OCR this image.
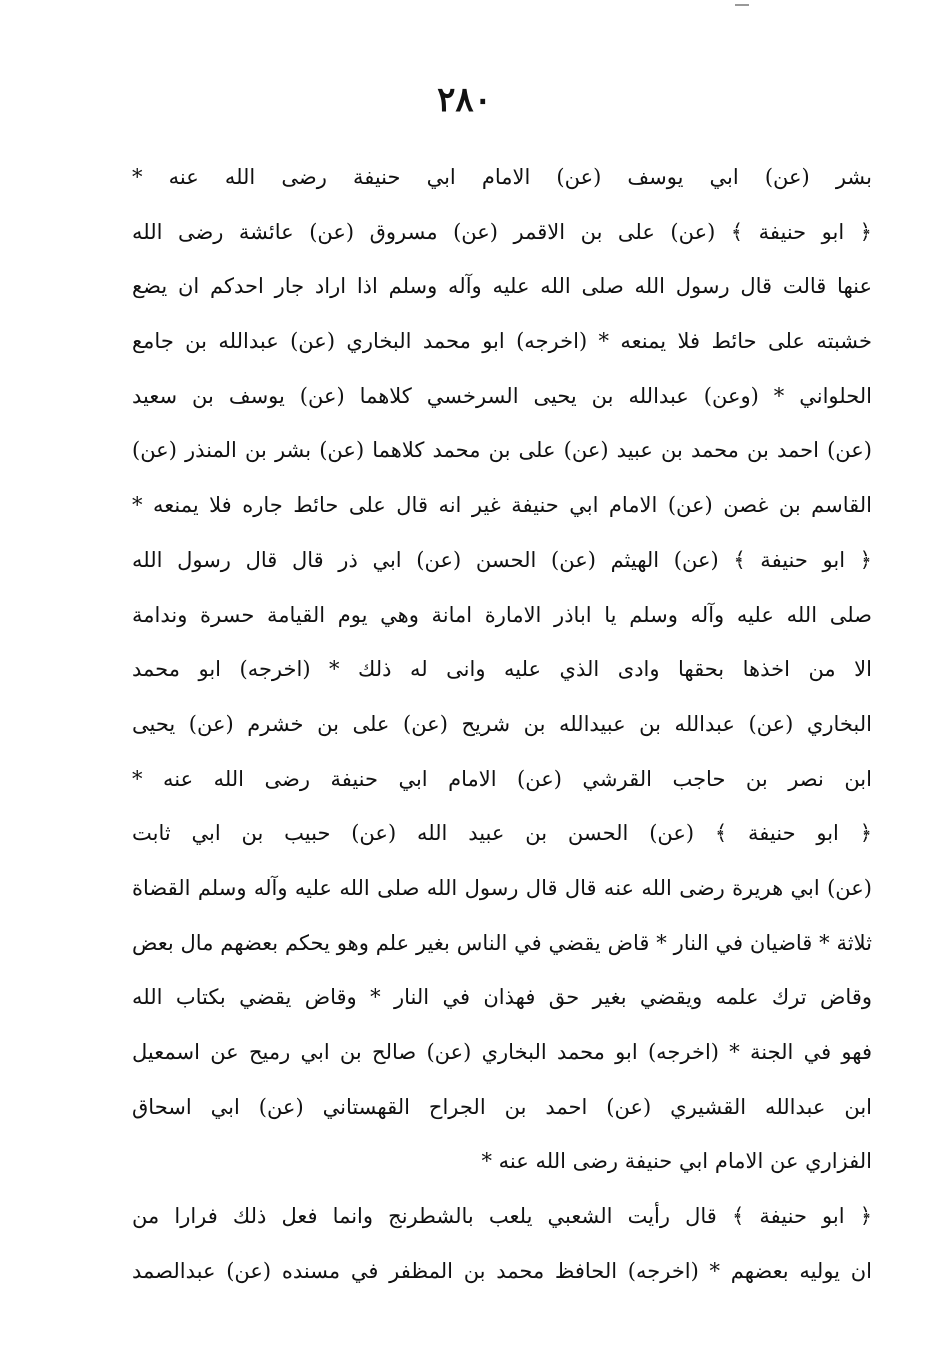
٢٨٠
بشر (عن) ابي يوسف (عن) الامام ابي حنيفة رضى الله عنه *
﴿ ابو حنيفة ﴾ (عن) على بن الاقمر (عن) مسروق (عن) عائشة رضى الله
عنها قالت قال رسول الله صلى الله عليه وآله وسلم اذا اراد جار احدكم ان يضع
خشبته على حائط فلا يمنعه * (اخرجه) ابو محمد البخاري (عن) عبدالله بن جامع
الحلواني * (وعن) عبدالله بن يحيى السرخسي كلاهما (عن) يوسف بن سعيد
(عن) احمد بن محمد بن عبيد (عن) على بن محمد كلاهما (عن) بشر بن المنذر (عن)
القاسم بن غصن (عن) الامام ابي حنيفة غير انه قال على حائط جاره فلا يمنعه *
﴿ ابو حنيفة ﴾ (عن) الهيثم (عن) الحسن (عن) ابي ذر قال قال رسول الله
صلى الله عليه وآله وسلم يا اباذر الامارة امانة وهي يوم القيامة حسرة وندامة
الا من اخذها بحقها وادى الذي عليه وانى له ذلك * (اخرجه) ابو محمد
البخاري (عن) عبدالله بن عبيدالله بن شريح (عن) على بن خشرم (عن) يحيى
ابن نصر بن حاجب القرشي (عن) الامام ابي حنيفة رضى الله عنه *
﴿ ابو حنيفة ﴾ (عن) الحسن بن عبيد الله (عن) حبيب بن ابي ثابت
(عن) ابي هريرة رضى الله عنه قال قال رسول الله صلى الله عليه وآله وسلم القضاة
ثلاثة * قاضيان في النار * قاض يقضي في الناس بغير علم وهو يحكم بعضهم مال بعض
وقاض ترك علمه ويقضي بغير حق فهذان في النار * وقاض يقضي بكتاب الله
فهو في الجنة * (اخرجه) ابو محمد البخاري (عن) صالح بن ابي رميح عن اسمعيل
ابن عبدالله القشيري (عن) احمد بن الجراح القهستاني (عن) ابي اسحاق
الفزاري عن الامام ابي حنيفة رضى الله عنه *
﴿ ابو حنيفة ﴾ قال رأيت الشعبي يلعب بالشطرنج وانما فعل ذلك فرارا من
ان يوليه بعضهم * (اخرجه) الحافظ محمد بن المظفر في مسنده (عن) عبدالصمد
